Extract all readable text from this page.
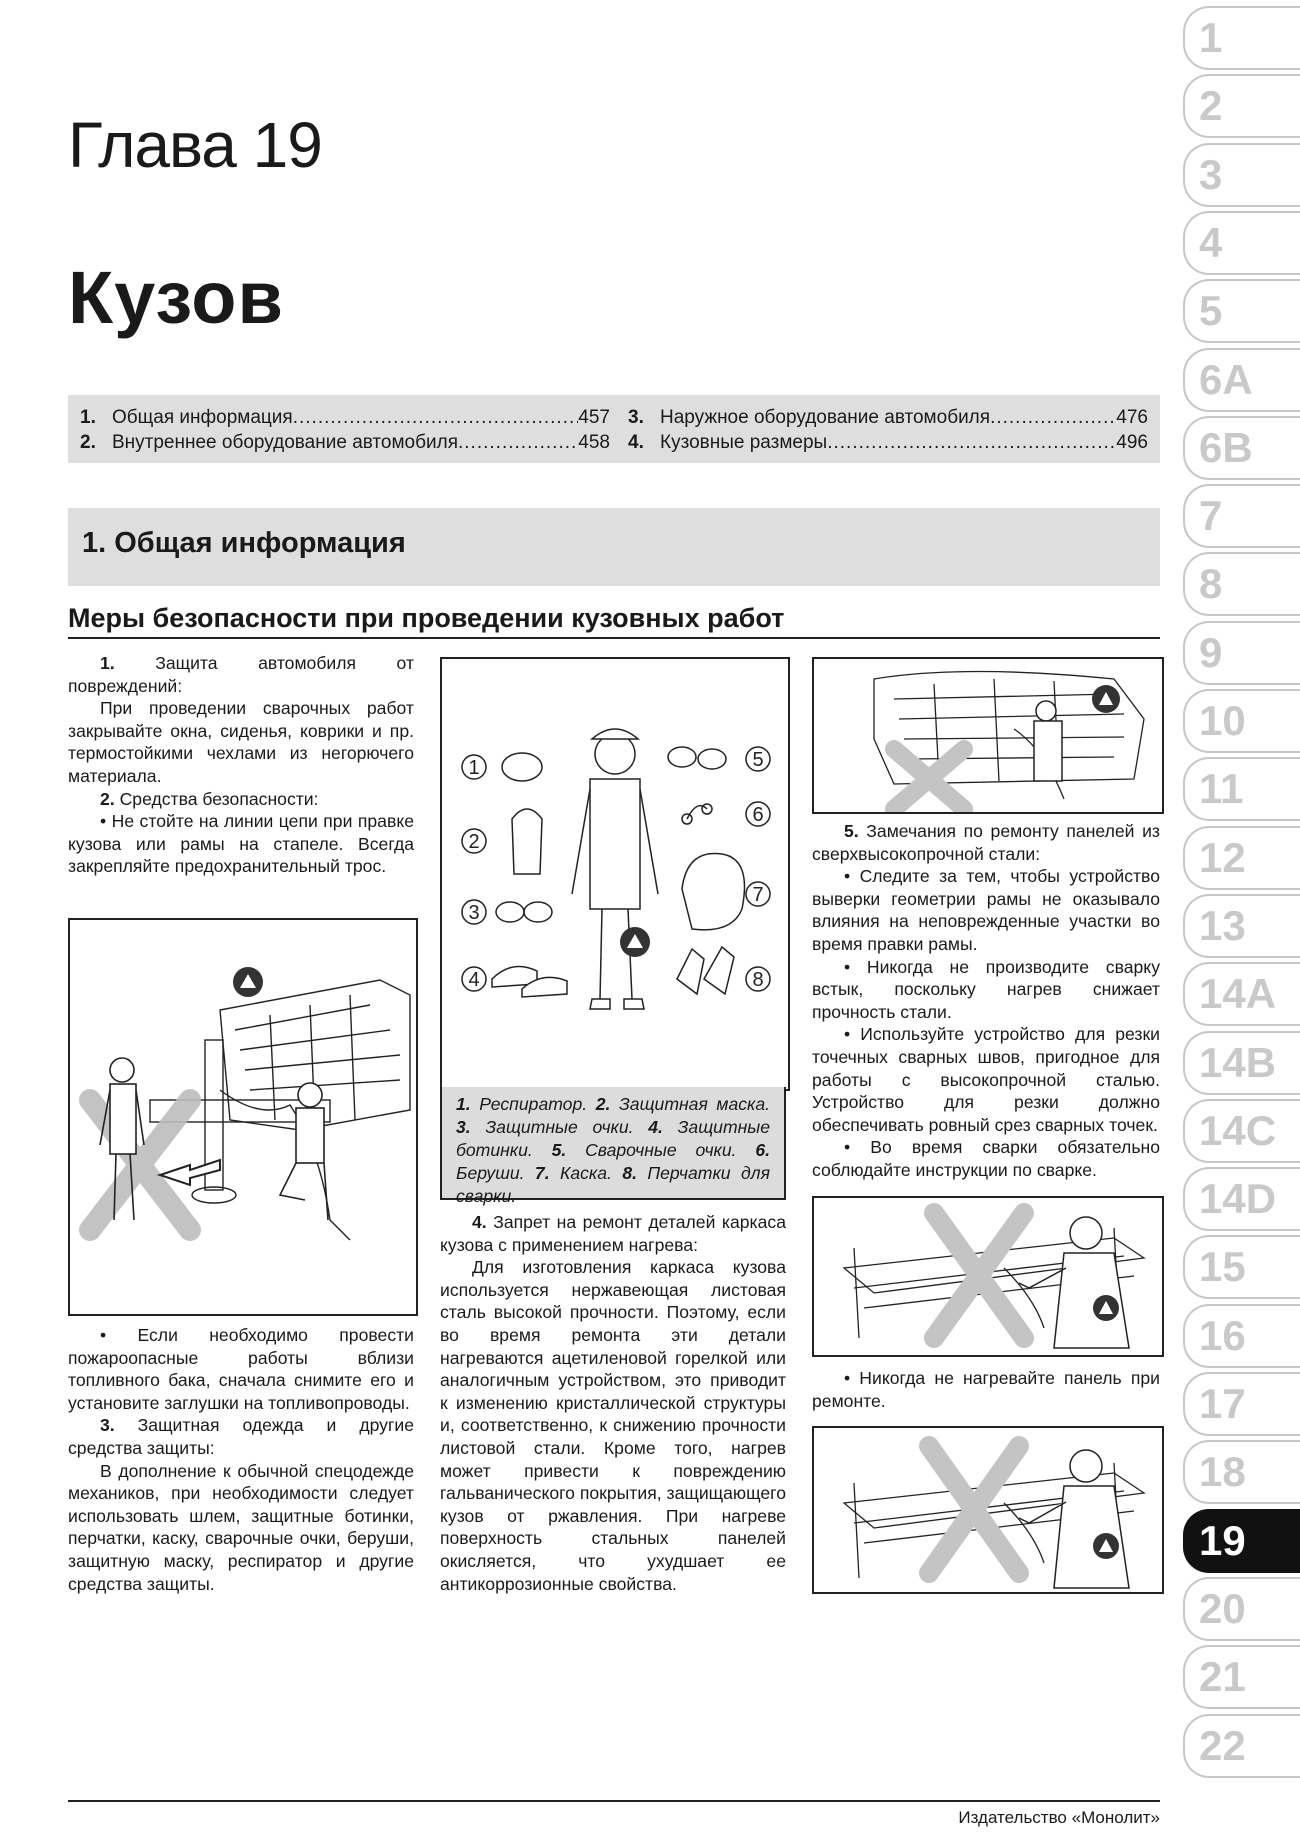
Глава 19
Кузов
1. Общая информация .....	457
2. Внутреннее оборудование автомобиля .....	458
3. Наружное оборудование автомобиля .....	476
4. Кузовные размеры .....	496
1. Общая информация
Меры безопасности при проведении кузовных работ

1. Защита автомобиля от повреждений:

При проведении сварочных работ закрывайте окна, сиденья, коврики и пр. термостойкими чехлами из негорючего материала.

2. Средства безопасности:

• Не стойте на линии цепи при правке кузова или рамы на стапеле. Всегда закрепляйте предохранительный трос.

• Если необходимо провести пожароопасные работы вблизи топливного бака, сначала снимите его и установите заглушки на топливопроводы.

3. Защитная одежда и другие средства защиты:

В дополнение к обычной спецодежде механиков, при необходимости следует использовать шлем, защитные ботинки, перчатки, каску, сварочные очки, беруши, защитную маску, респиратор и другие средства защиты.

1
2
3
4
5
6
7
8
1. Респиратор. 2. Защитная маска. 3. Защитные очки. 4. Защитные ботинки. 5. Сварочные очки. 6. Беруши. 7. Каска. 8. Перчатки для сварки.

4. Запрет на ремонт деталей каркаса кузова с применением нагрева:

Для изготовления каркаса кузова используется нержавеющая листовая сталь высокой прочности. Поэтому, если во время ремонта эти детали нагреваются ацетиленовой горелкой или аналогичным устройством, это приводит к изменению кристаллической структуры и, соответственно, к снижению прочности листовой стали. Кроме того, нагрев может привести к повреждению гальванического покрытия, защищающего кузов от ржавления. При нагреве поверхность стальных панелей окисляется, что ухудшает ее антикоррозионные свойства.

5. Замечания по ремонту панелей из сверхвысокопрочной стали:

• Следите за тем, чтобы устройство выверки геометрии рамы не оказывало влияния на неповрежденные участки во время правки рамы.

• Никогда не производите сварку встык, поскольку нагрев снижает прочность стали.

• Используйте устройство для резки точечных сварных швов, пригодное для работы с высокопрочной сталью. Устройство для резки должно обеспечивать ровный срез сварных точек.

• Во время сварки обязательно соблюдайте инструкции по сварке.

• Никогда не нагревайте панель при ремонте.

Издательство «Монолит»
1
2
3
4
5
6A
6B
7
8
9
10
11
12
13
14A
14B
14C
14D
15
16
17
18
19
20
21
22
